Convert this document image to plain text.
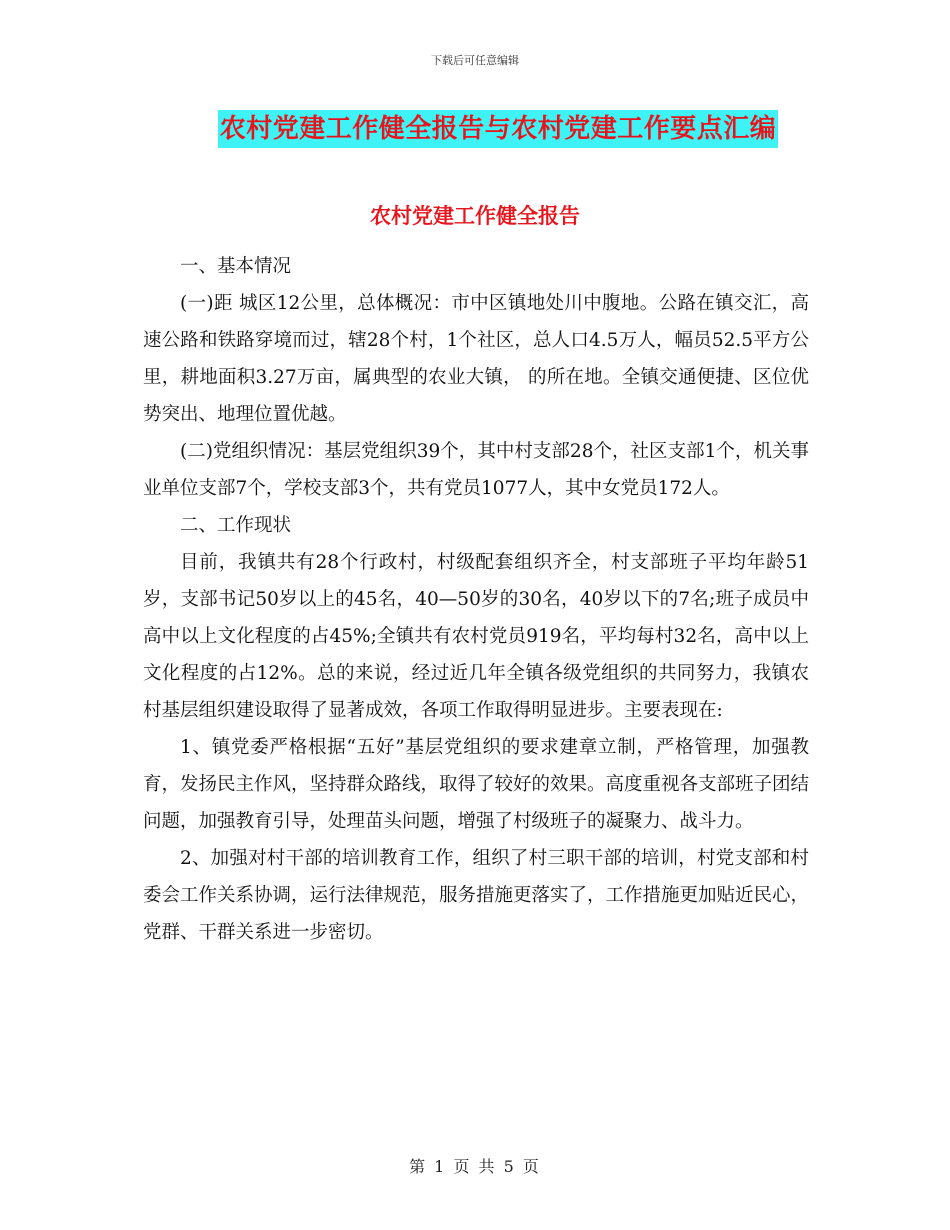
下载后可任意编辑
农村党建工作健全报告与农村党建工作要点汇编
农村党建工作健全报告

一、基本情况

(一)距 城区12公里，总体概况：市中区镇地处川中腹地。公路在镇交汇，高速公路和铁路穿境而过，辖28个村，1个社区，总人口4.5万人，幅员52.5平方公里，耕地面积3.27万亩，属典型的农业大镇， 的所在地。全镇交通便捷、区位优势突出、地理位置优越。

(二)党组织情况：基层党组织39个，其中村支部28个，社区支部1个，机关事业单位支部7个，学校支部3个，共有党员1077人，其中女党员172人。

二、工作现状

目前，我镇共有28个行政村，村级配套组织齐全，村支部班子平均年龄51岁，支部书记50岁以上的45名，40—50岁的30名，40岁以下的7名;班子成员中高中以上文化程度的占45%;全镇共有农村党员919名，平均每村32名，高中以上文化程度的占12%。总的来说，经过近几年全镇各级党组织的共同努力，我镇农村基层组织建设取得了显著成效，各项工作取得明显进步。主要表现在:

1、镇党委严格根据“五好”基层党组织的要求建章立制，严格管理，加强教育，发扬民主作风，坚持群众路线，取得了较好的效果。高度重视各支部班子团结问题，加强教育引导，处理苗头问题，增强了村级班子的凝聚力、战斗力。

2、加强对村干部的培训教育工作，组织了村三职干部的培训，村党支部和村委会工作关系协调，运行法律规范，服务措施更落实了，工作措施更加贴近民心，党群、干群关系进一步密切。

第 1 页 共 5 页
